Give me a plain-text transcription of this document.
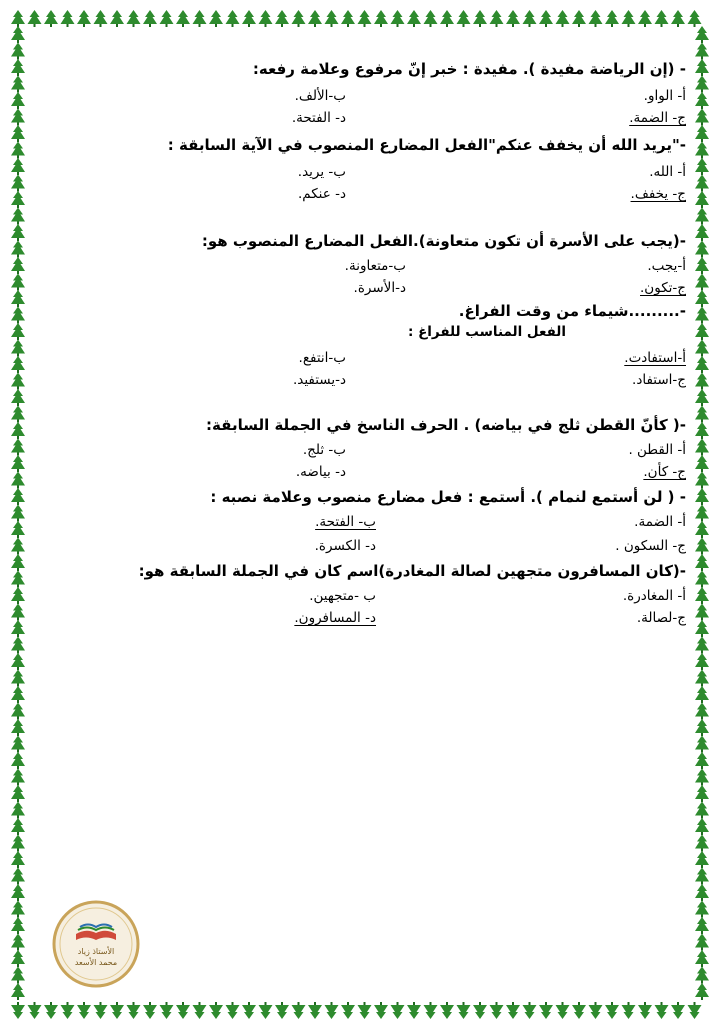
- (إن الرياضة مفيدة ). مفيدة : خبر إنّ مرفوع وعلامة رفعه:
أ- الواو.
ب-الألف.
ج- الضمة.
د- الفتحة.
-"يريد الله أن يخفف عنكم"الفعل المضارع المنصوب في الآية السابقة :
أ- الله.
ب- يريد.
ج- يخفف.
د- عنكم.
-(يجب على الأسرة أن تكون متعاونة).الفعل المضارع المنصوب هو:
أ-يجب.
ب-متعاونة.
ج-تكون.
د-الأسرة.
-.........شيماء من وقت الفراغ.
الفعل المناسب للفراغ :
أ-استفادت.
ب-انتفع.
ج-استفاد.
د-يستفيد.
-( كأنّ القطن ثلج في بياضه) . الحرف الناسخ في الجملة السابقة:
أ- القطن .
ب- ثلج.
ج- كأن.
د- بياضه.
- ( لن أستمع لنمام ). أستمع : فعل مضارع منصوب وعلامة نصبه :
أ- الضمة.
ب- الفتحة.
ج- السكون .
د- الكسرة.
-(كان المسافرون متجهين لصالة المغادرة)اسم كان في الجملة السابقة هو:
أ- المغادرة.
ب -متجهين.
ج-لصالة.
د- المسافرون.
الأستاذ زياد
محمد الأسعد
